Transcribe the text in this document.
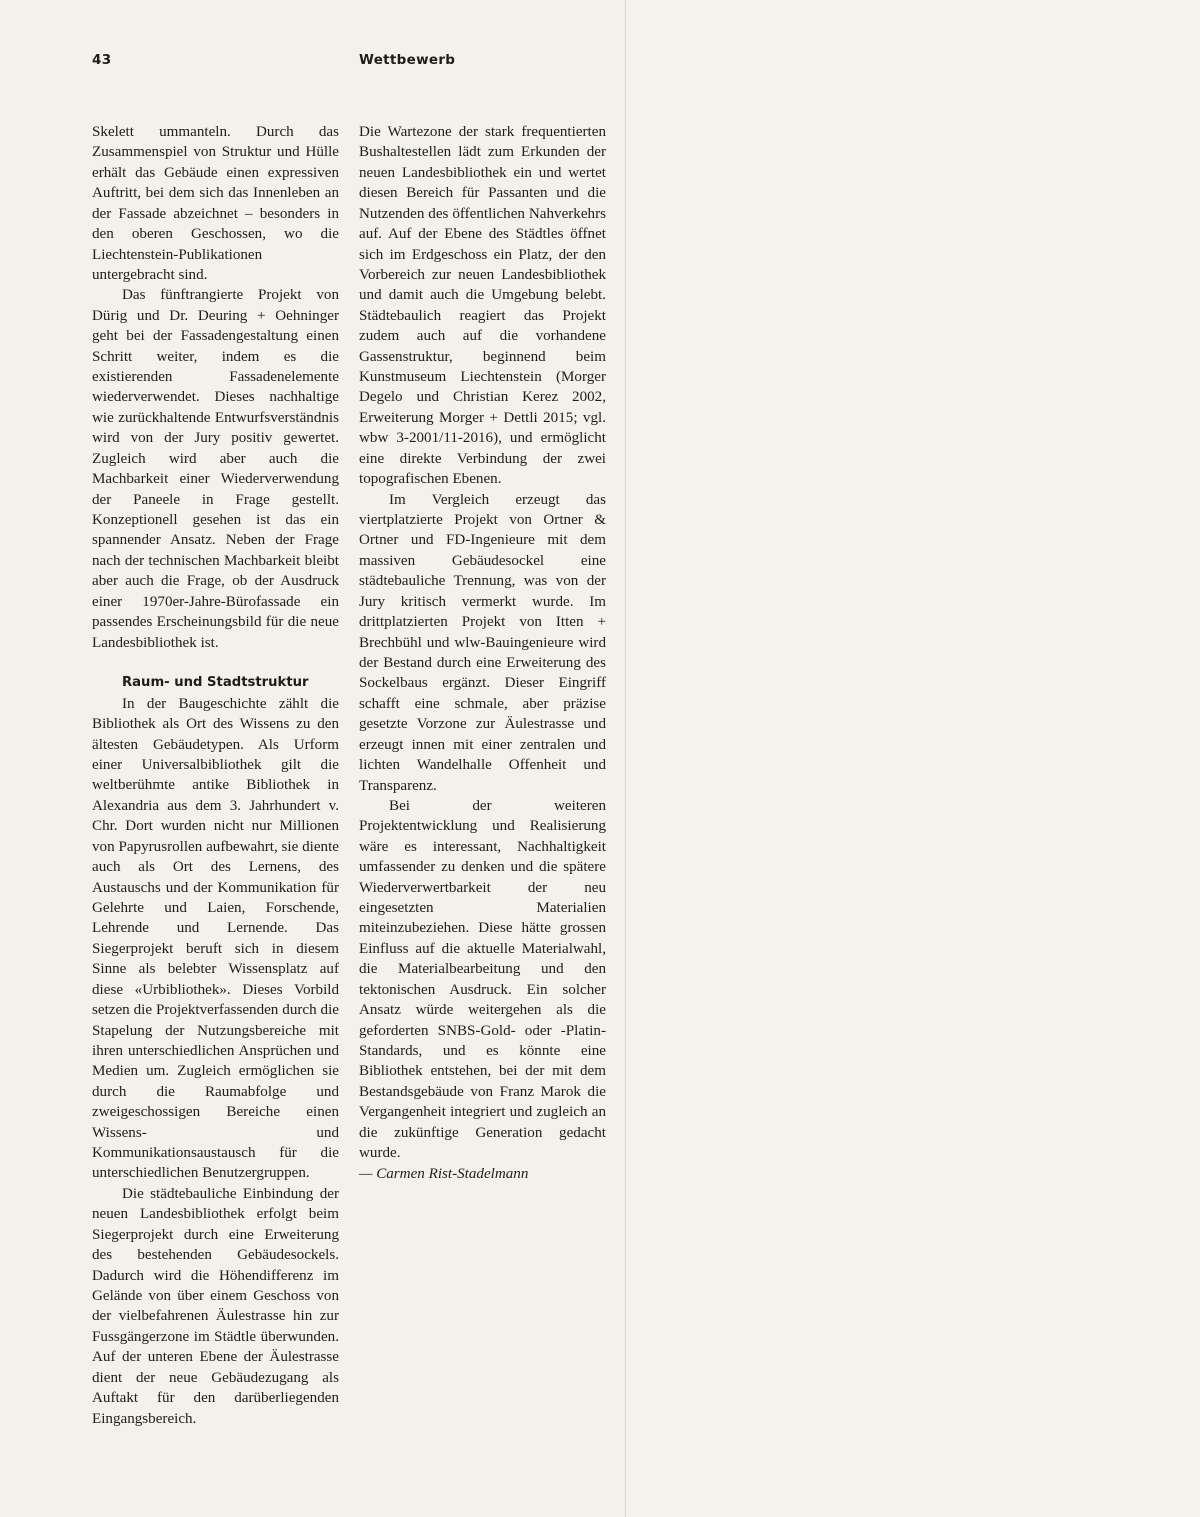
43	Wettbewerb

Skelett ummanteln. Durch das Zusammenspiel von Struktur und Hülle erhält das Gebäude einen expressiven Auftritt, bei dem sich das Innenleben an der Fassade abzeichnet – besonders in den oberen Geschossen, wo die Liechtenstein-Publikationen untergebracht sind.

Das fünftrangierte Projekt von Dürig und Dr. Deuring + Oehninger geht bei der Fassadengestaltung einen Schritt weiter, indem es die existierenden Fassadenelemente wiederverwendet. Dieses nachhaltige wie zurückhaltende Entwurfsverständnis wird von der Jury positiv gewertet. Zugleich wird aber auch die Machbarkeit einer Wiederverwendung der Paneele in Frage gestellt. Konzeptionell gesehen ist das ein spannender Ansatz. Neben der Frage nach der technischen Machbarkeit bleibt aber auch die Frage, ob der Ausdruck einer 1970er-Jahre-Bürofassade ein passendes Erscheinungsbild für die neue Landesbibliothek ist.

Raum- und Stadtstruktur

In der Baugeschichte zählt die Bibliothek als Ort des Wissens zu den ältesten Gebäudetypen. Als Urform einer Universalbibliothek gilt die weltberühmte antike Bibliothek in Alexandria aus dem 3. Jahrhundert v. Chr. Dort wurden nicht nur Millionen von Papyrusrollen aufbewahrt, sie diente auch als Ort des Lernens, des Austauschs und der Kommunikation für Gelehrte und Laien, Forschende, Lehrende und Lernende. Das Siegerprojekt beruft sich in diesem Sinne als belebter Wissensplatz auf diese «Urbibliothek». Dieses Vorbild setzen die Projektverfassenden durch die Stapelung der Nutzungsbereiche mit ihren unterschiedlichen Ansprüchen und Medien um. Zugleich ermöglichen sie durch die Raumabfolge und zweigeschossigen Bereiche einen Wissens- und Kommunikationsaustausch für die unterschiedlichen Benutzergruppen.

Die städtebauliche Einbindung der neuen Landesbibliothek erfolgt beim Siegerprojekt durch eine Erweiterung des bestehenden Gebäudesockels. Dadurch wird die Höhendifferenz im Gelände von über einem Geschoss von der vielbefahrenen Äulestrasse hin zur Fussgängerzone im Städtle überwunden. Auf der unteren Ebene der Äulestrasse dient der neue Gebäudezugang als Auftakt für den darüberliegenden Eingangsbereich.

Die Wartezone der stark frequentierten Bushaltestellen lädt zum Erkunden der neuen Landesbibliothek ein und wertet diesen Bereich für Passanten und die Nutzenden des öffentlichen Nahverkehrs auf. Auf der Ebene des Städtles öffnet sich im Erdgeschoss ein Platz, der den Vorbereich zur neuen Landesbibliothek und damit auch die Umgebung belebt. Städtebaulich reagiert das Projekt zudem auch auf die vorhandene Gassenstruktur, beginnend beim Kunstmuseum Liechtenstein (Morger Degelo und Christian Kerez 2002, Erweiterung Morger + Dettli 2015; vgl. wbw 3-2001/11-2016), und ermöglicht eine direkte Verbindung der zwei topografischen Ebenen.

Im Vergleich erzeugt das viertplatzierte Projekt von Ortner & Ortner und FD-Ingenieure mit dem massiven Gebäudesockel eine städtebauliche Trennung, was von der Jury kritisch vermerkt wurde. Im drittplatzierten Projekt von Itten + Brechbühl und wlw-Bauingenieure wird der Bestand durch eine Erweiterung des Sockelbaus ergänzt. Dieser Eingriff schafft eine schmale, aber präzise gesetzte Vorzone zur Äulestrasse und erzeugt innen mit einer zentralen und lichten Wandelhalle Offenheit und Transparenz.

Bei der weiteren Projektentwicklung und Realisierung wäre es interessant, Nachhaltigkeit umfassender zu denken und die spätere Wiederverwertbarkeit der neu eingesetzten Materialien miteinzubeziehen. Diese hätte grossen Einfluss auf die aktuelle Materialwahl, die Materialbearbeitung und den tektonischen Ausdruck. Ein solcher Ansatz würde weitergehen als die geforderten SNBS-Gold- oder -Platin-Standards, und es könnte eine Bibliothek entstehen, bei der mit dem Bestandsgebäude von Franz Marok die Vergangenheit integriert und zugleich an die zukünftige Generation gedacht wurde.

— Carmen Rist-Stadelmann
